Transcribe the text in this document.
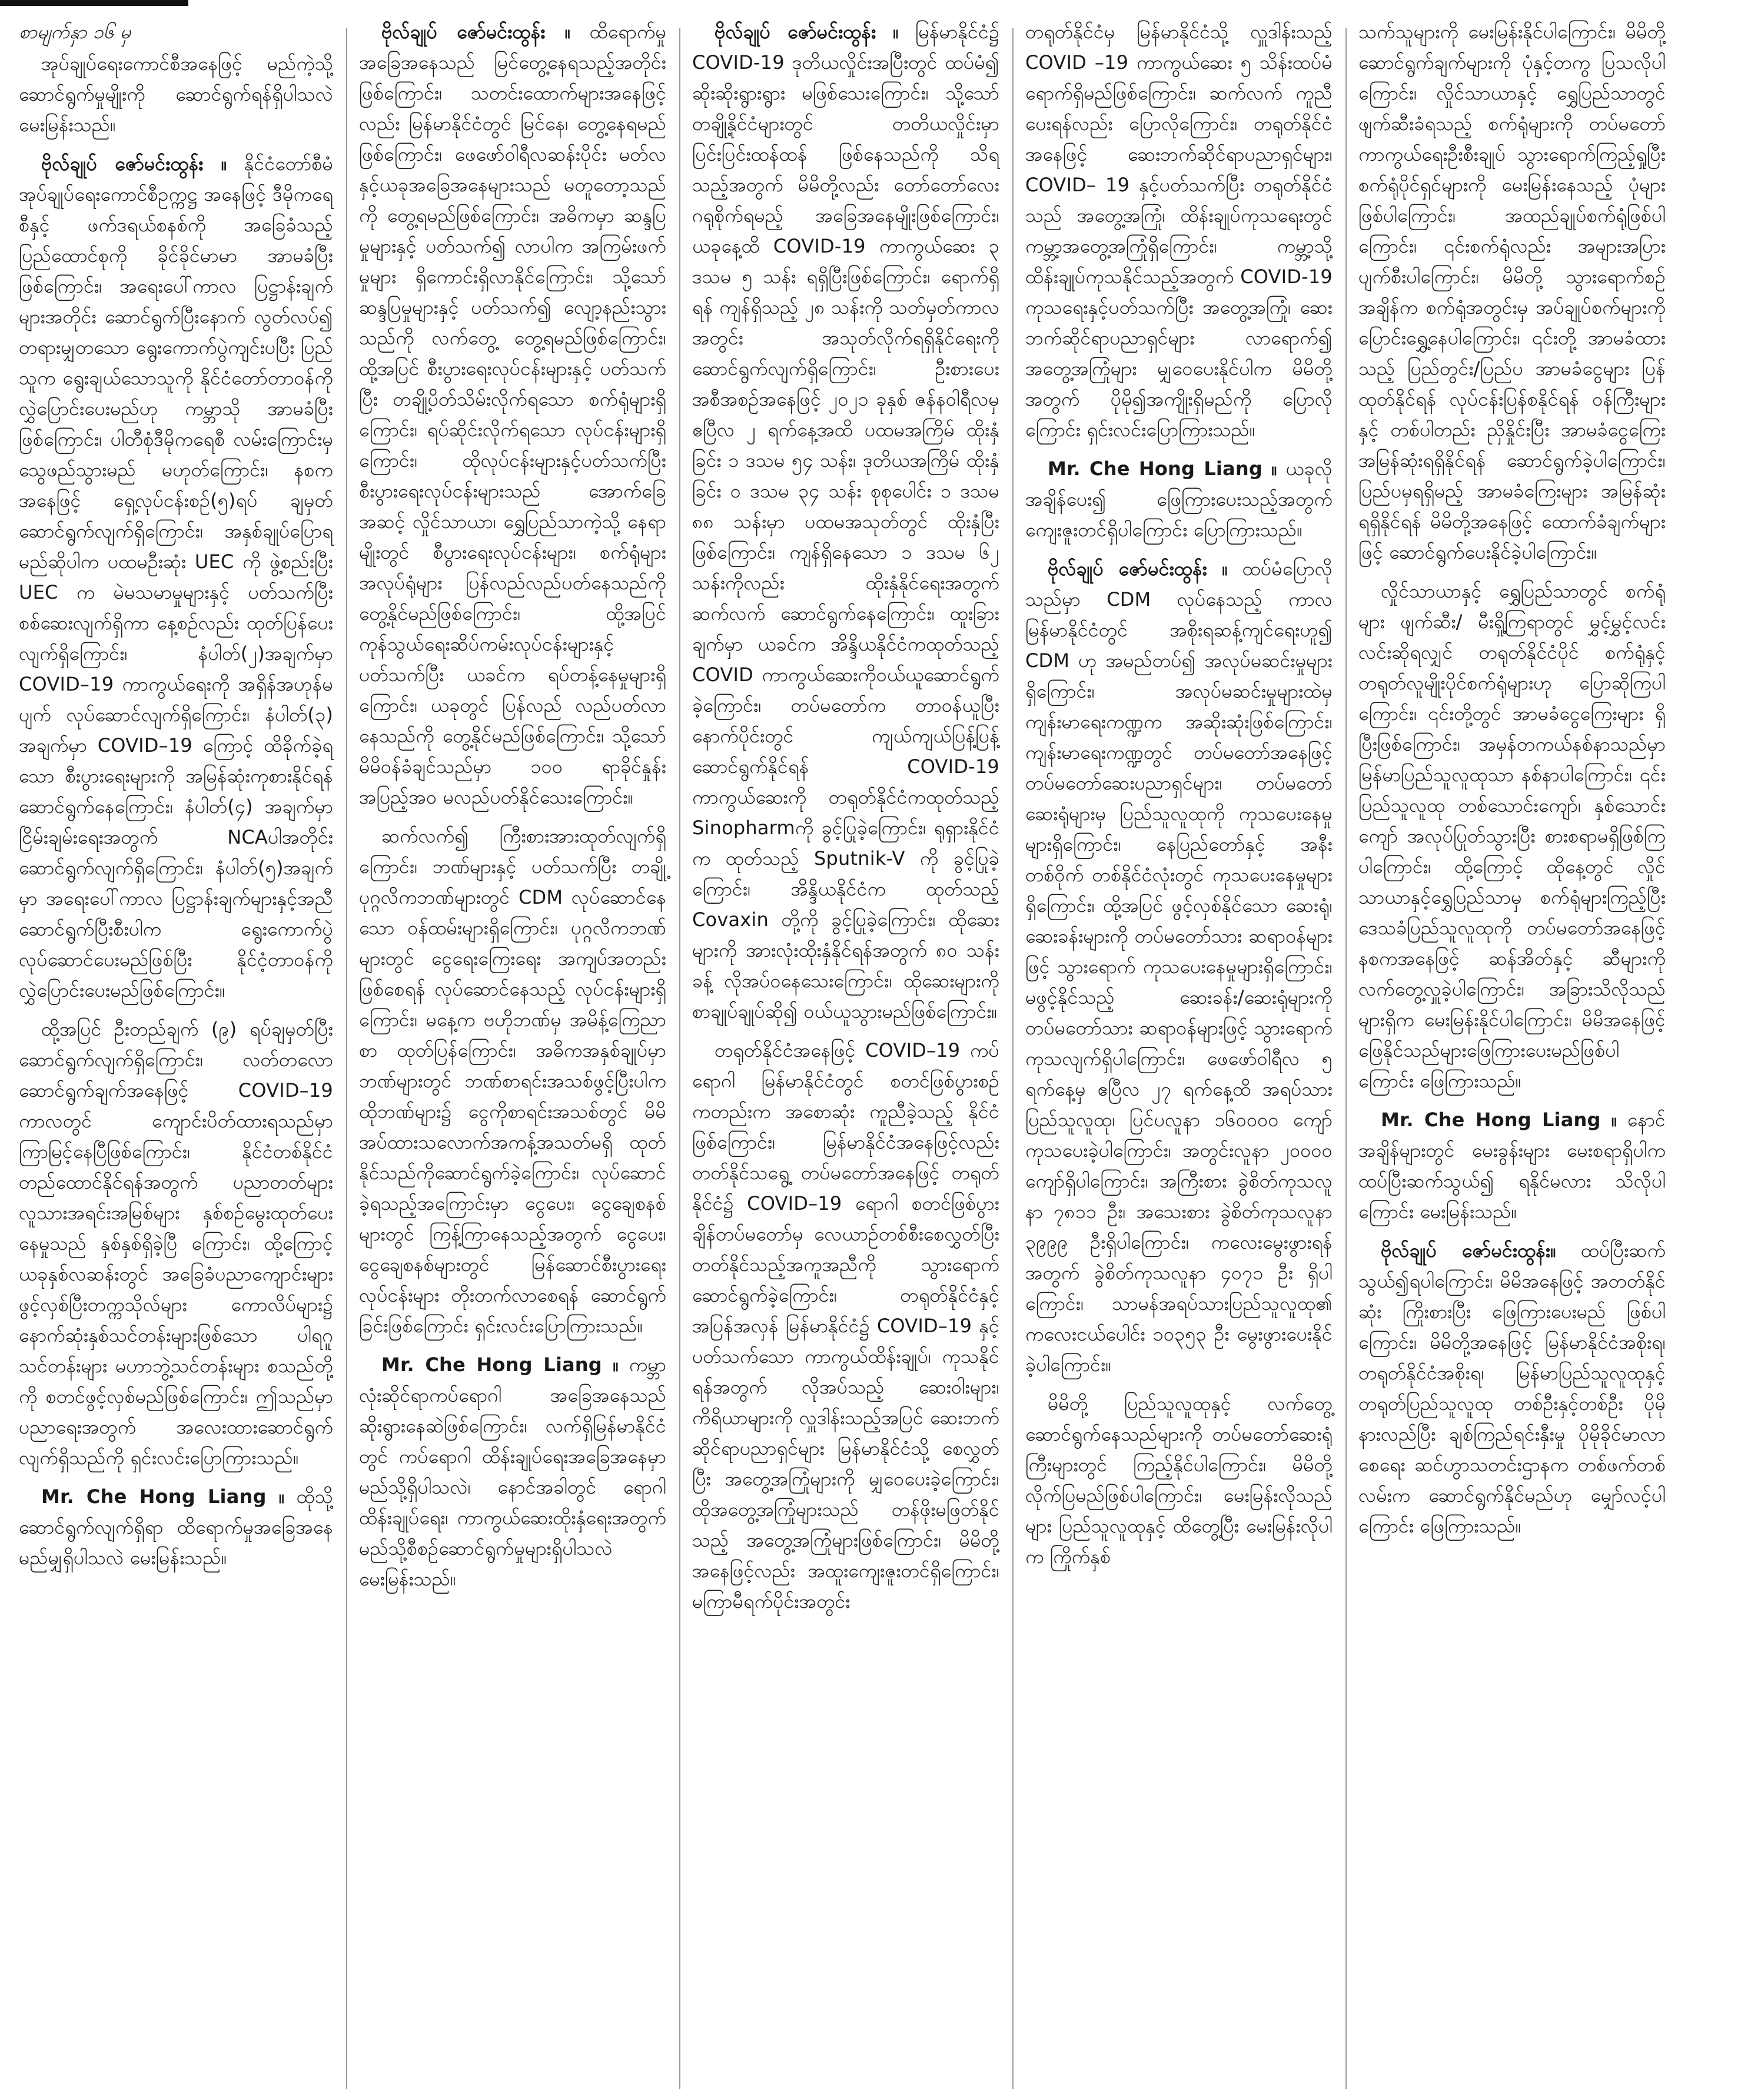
စာမျက်နှာ ၁၆ မှ

အုပ်ချုပ်ရေးကောင်စီအနေဖြင့် မည်ကဲ့သို့ ဆောင်ရွက်မှုမျိုးကို ဆောင်ရွက်ရန်ရှိပါသလဲ မေးမြန်းသည်။

ဗိုလ်ချုပ် ဇော်မင်းထွန်း ။ နိုင်ငံတော်စီမံအုပ်ချုပ်ရေးကောင်စီဥက္ကဋ္ဌ အနေဖြင့် ဒီမိုကရေစီနှင့် ဖက်ဒရယ်စနစ်ကို အခြေခံသည့် ပြည်ထောင်စုကို ခိုင်ခိုင်မာမာ အာမခံပြီးဖြစ်ကြောင်း၊ အရေးပေါ်ကာလ ပြဋ္ဌာန်းချက်များအတိုင်း ဆောင်ရွက်ပြီးနောက် လွတ်လပ်၍ တရားမျှတသော ရွေးကောက်ပွဲကျင်းပပြီး ပြည်သူက ရွေးချယ်သောသူကို နိုင်ငံတော်တာဝန်ကို လွှဲပြောင်းပေးမည်ဟု ကမ္ဘာသို အာမခံပြီးဖြစ်ကြောင်း၊ ပါတီစုံဒီမိုကရေစီ လမ်းကြောင်းမှ သွေဖည်သွားမည် မဟုတ်ကြောင်း၊ နစကအနေဖြင့် ရှေ့လုပ်ငန်းစဉ်(၅)ရပ် ချမှတ် ဆောင်ရွက်လျက်ရှိကြောင်း၊ အနှစ်ချုပ်ပြောရမည်ဆိုပါက ပထမဦးဆုံး UEC ကို ဖွဲ့စည်းပြီး UEC က မဲမသမာမှုများနှင့် ပတ်သက်ပြီး စစ်ဆေးလျက်ရှိကာ နေ့စဉ်လည်း ထုတ်ပြန်ပေးလျက်ရှိကြောင်း၊ နံပါတ်(၂)အချက်မှာ COVID–19 ကာကွယ်ရေးကို အရှိန်အဟုန်မပျက် လုပ်ဆောင်လျက်ရှိကြောင်း၊ နံပါတ်(၃) အချက်မှာ COVID–19 ကြောင့် ထိခိုက်ခဲ့ရသော စီးပွားရေးများကို အမြန်ဆုံးကုစားနိုင်ရန် ဆောင်ရွက်နေကြောင်း၊ နံပါတ်(၄) အချက်မှာ ငြိမ်းချမ်းရေးအတွက် NCAပါအတိုင်း ဆောင်ရွက်လျက်ရှိကြောင်း၊ နံပါတ်(၅)အချက်မှာ အရေးပေါ်ကာလ ပြဋ္ဌာန်းချက်များနှင့်အညီ ဆောင်ရွက်ပြီးစီးပါက ရွေးကောက်ပွဲ လုပ်ဆောင်ပေးမည်ဖြစ်ပြီး နိုင်ငံ့တာဝန်ကို လွှဲပြောင်းပေးမည်ဖြစ်ကြောင်း။

ထို့အပြင် ဦးတည်ချက် (၉) ရပ်ချမှတ်ပြီး ဆောင်ရွက်လျက်ရှိကြောင်း၊ လတ်တလော ဆောင်ရွက်ချက်အနေဖြင့် COVID–19 ကာလတွင် ကျောင်းပိတ်ထားရသည်မှာ ကြာမြင့်နေပြီဖြစ်ကြောင်း၊ နိုင်ငံတစ်နိုင်ငံ တည်ထောင်နိုင်ရန်အတွက် ပညာတတ်များ လူသားအရင်းအမြစ်များ နှစ်စဉ်မွေးထုတ်ပေးနေမှုသည် နှစ်နှစ်ရှိခဲ့ပြီ ကြောင်း၊ ထို့ကြောင့် ယခုနှစ်လဆန်းတွင် အခြေခံပညာကျောင်းများ ဖွင့်လှစ်ပြီးတက္ကသိုလ်များ ကောလိပ်များ၌ နောက်ဆုံးနှစ်သင်တန်းများဖြစ်သော ပါရဂူသင်တန်းများ မဟာဘွဲ့သင်တန်းများ စသည်တို့ကို စတင်ဖွင့်လှစ်မည်ဖြစ်ကြောင်း၊ ဤသည်မှာ ပညာရေးအတွက် အလေးထားဆောင်ရွက်လျက်ရှိသည်ကို ရှင်းလင်းပြောကြားသည်။

Mr. Che Hong Liang ။ ထိုသို့ ဆောင်ရွက်လျက်ရှိရာ ထိရောက်မှုအခြေအနေမည်မျှရှိပါသလဲ မေးမြန်းသည်။

ဗိုလ်ချုပ် ဇော်မင်းထွန်း ။ ထိရောက်မှုအခြေအနေသည် မြင်တွေ့နေရသည့်အတိုင်းဖြစ်ကြောင်း၊ သတင်းထောက်များအနေဖြင့်လည်း မြန်မာနိုင်ငံတွင် မြင်နေ၊ တွေ့နေရမည်ဖြစ်ကြောင်း၊ ဖေဖော်ဝါရီလဆန်းပိုင်း မတ်လနှင့်ယခုအခြေအနေများသည် မတူတော့သည်ကို တွေ့ရမည်ဖြစ်ကြောင်း၊ အဓိကမှာ ဆန္ဒပြမှုများနှင့် ပတ်သက်၍ လာပါက အကြမ်းဖက်မှုများ ရှိကောင်းရှိလာနိုင်ကြောင်း၊ သို့သော် ဆန္ဒပြမှုများနှင့် ပတ်သက်၍ လျော့နည်းသွားသည်ကို လက်တွေ့ တွေ့ရမည်ဖြစ်ကြောင်း၊ ထို့အပြင် စီးပွားရေးလုပ်ငန်းများနှင့် ပတ်သက်ပြီး တချို့ပိတ်သိမ်းလိုက်ရသော စက်ရုံများရှိကြောင်း၊ ရပ်ဆိုင်းလိုက်ရသော လုပ်ငန်းများရှိကြောင်း၊ ထိုလုပ်ငန်းများနှင့်ပတ်သက်ပြီး စီးပွားရေးလုပ်ငန်းများသည် အောက်ခြေအဆင့် လှိုင်သာယာ၊ ရွှေပြည်သာကဲ့သို့ နေရာမျိုးတွင် စီပွားရေးလုပ်ငန်းများ၊ စက်ရုံများ အလုပ်ရုံများ ပြန်လည်လည်ပတ်နေသည်ကို တွေ့နိုင်မည်ဖြစ်ကြောင်း၊ ထို့အပြင် ကုန်သွယ်ရေးဆိပ်ကမ်းလုပ်ငန်းများနှင့် ပတ်သက်ပြီး ယခင်က ရပ်တန့်နေမှုများရှိကြောင်း၊ ယခုတွင် ပြန်လည် လည်ပတ်လာနေသည်ကို တွေ့နိုင်မည်ဖြစ်ကြောင်း၊ သို့သော် မိမိဝန်ခံချင်သည်မှာ ၁၀၀ ရာခိုင်နှုန်း အပြည့်အဝ မလည်ပတ်နိုင်သေးကြောင်း။

ဆက်လက်၍ ကြီးစားအားထုတ်လျက်ရှိကြောင်း၊ ဘဏ်များနှင့် ပတ်သက်ပြီး တချို့ပုဂ္ဂလိကဘဏ်များတွင် CDM လုပ်ဆောင်နေသော ဝန်ထမ်းများရှိကြောင်း၊ ပုဂ္ဂလိကဘဏ်များတွင် ငွေရေးကြေးရေး အကျပ်အတည်းဖြစ်စေရန် လုပ်ဆောင်နေသည့် လုပ်ငန်းများရှိကြောင်း၊ မနေ့က ဗဟိုဘဏ်မှ အမိန့်ကြေညာစာ ထုတ်ပြန်ကြောင်း၊ အဓိကအနှစ်ချုပ်မှာ ဘဏ်များတွင် ဘဏ်စာရင်းအသစ်ဖွင့်ပြီးပါက ထိုဘဏ်များ၌ ငွေကိုစာရင်းအသစ်တွင် မိမိအပ်ထားသလောက်အကန့်အသတ်မရှိ ထုတ်နိုင်သည်ကိုဆောင်ရွက်ခဲ့ကြောင်း၊ လုပ်ဆောင်ခဲ့ရသည့်အကြောင်းမှာ ငွေပေး၊ ငွေချေစနစ်များတွင် ကြန့်ကြာနေသည့်အတွက် ငွေပေး၊ ငွေချေစနစ်များတွင် မြန်ဆောင်စီးပွားရေးလုပ်ငန်းများ တိုးတက်လာစေရန် ဆောင်ရွက်ခြင်းဖြစ်ကြောင်း ရှင်းလင်းပြောကြားသည်။

Mr. Che Hong Liang ။ ကမ္ဘာလုံးဆိုင်ရာကပ်ရောဂါ အခြေအနေသည် ဆိုးရွားနေဆဲဖြစ်ကြောင်း၊ လက်ရှိမြန်မာနိုင်ငံတွင် ကပ်ရောဂါ ထိန်းချုပ်ရေးအခြေအနေမှာ မည်သို့ရှိပါသလဲ၊ နောင်အခါတွင် ရောဂါထိန်းချုပ်ရေး၊ ကာကွယ်ဆေးထိုးနှံရေးအတွက် မည်သို့စီစဉ်ဆောင်ရွက်မှုများရှိပါသလဲ မေးမြန်းသည်။

ဗိုလ်ချုပ် ဇော်မင်းထွန်း ။ မြန်မာနိုင်ငံ၌ COVID-19 ဒုတိယလှိုင်းအပြီးတွင် ထပ်မံ၍ ဆိုးဆိုးရွားရွား မဖြစ်သေးကြောင်း၊ သို့သော် တချို့နိုင်ငံများတွင် တတိယလှိုင်းမှာ ပြင်းပြင်းထန်ထန် ဖြစ်နေသည်ကို သိရသည့်အတွက် မိမိတို့လည်း တော်တော်လေး ဂရုစိုက်ရမည့် အခြေအနေမျိုးဖြစ်ကြောင်း၊ ယခုနေ့ထိ COVID-19 ကာကွယ်ဆေး ၃ ဒသမ ၅ သန်း ရရှိပြီးဖြစ်ကြောင်း၊ ရောက်ရှိရန် ကျန်ရှိသည့် ၂၈ သန်းကို သတ်မှတ်ကာလအတွင်း အသုတ်လိုက်ရရှိနိုင်ရေးကို ဆောင်ရွက်လျက်ရှိကြောင်း၊ ဦးစားပေး အစီအစဉ်အနေဖြင့် ၂၀၂၁ ခုနှစ် ဇန်နဝါရီလမှ ဧပြီလ ၂ ရက်နေ့အထိ ပထမအကြိမ် ထိုးနှံခြင်း ၁ ဒသမ ၅၄ သန်း၊ ဒုတိယအကြိမ် ထိုးနှံခြင်း ၀ ဒသမ ၃၄ သန်း စုစုပေါင်း ၁ ဒသမ ၈၈ သန်းမှာ ပထမအသုတ်တွင် ထိုးနှံပြီးဖြစ်ကြောင်း၊ ကျန်ရှိနေသော ၁ ဒသမ ၆၂ သန်းကိုလည်း ထိုးနှံနိုင်ရေးအတွက် ဆက်လက် ဆောင်ရွက်နေကြောင်း၊ ထူးခြားချက်မှာ ယခင်က အိန္ဒိယနိုင်ငံကထုတ်သည့် COVID ကာကွယ်ဆေးကိုဝယ်ယူဆောင်ရွက်ခဲ့ကြောင်း၊ တပ်မတော်က တာဝန်ယူပြီး နောက်ပိုင်းတွင် ကျယ်ကျယ်ပြန့်ပြန့် ဆောင်ရွက်နိုင်ရန် COVID-19 ကာကွယ်ဆေးကို တရုတ်နိုင်ငံကထုတ်သည့် Sinopharmကို ခွင့်ပြုခဲ့ကြောင်း၊ ရုရှားနိုင်ငံက ထုတ်သည့် Sputnik-V ကို ခွင့်ပြုခဲ့ကြောင်း၊ အိန္ဒိယနိုင်ငံက ထုတ်သည့် Covaxin တို့ကို ခွင့်ပြုခဲ့ကြောင်း၊ ထိုဆေးများကို အားလုံးထိုးနှံနိုင်ရန်အတွက် ၈၀ သန်းခန့် လိုအပ်ဝနေသေးကြောင်း၊ ထိုဆေးများကို စာချုပ်ချုပ်ဆို၍ ဝယ်ယူသွားမည်ဖြစ်ကြောင်း။

တရုတ်နိုင်ငံအနေဖြင့် COVID–19 ကပ်ရောဂါ မြန်မာနိုင်ငံတွင် စတင်ဖြစ်ပွားစဉ်ကတည်းက အစောဆုံး ကူညီခဲ့သည့် နိုင်ငံဖြစ်ကြောင်း၊ မြန်မာနိုင်ငံအနေဖြင့်လည်း တတ်နိုင်သရွေ့ တပ်မတော်အနေဖြင့် တရုတ်နိုင်ငံ၌ COVID–19 ရောဂါ စတင်ဖြစ်ပွားချိန်တပ်မတော်မှ လေယာဉ်တစ်စီးစေလွှတ်ပြီး တတ်နိုင်သည့်အကူအညီကို သွားရောက်ဆောင်ရွက်ခဲ့ကြောင်း၊ တရုတ်နိုင်ငံနှင့် အပြန်အလှန် မြန်မာနိုင်ငံ၌ COVID–19 နှင့်ပတ်သက်သော ကာကွယ်ထိန်းချုပ်၊ ကုသနိုင်ရန်အတွက် လိုအပ်သည့် ဆေးဝါးများ၊ ကိရိယာများကို လှူဒါန်းသည့်အပြင် ဆေးဘက်ဆိုင်ရာပညာရှင်များ မြန်မာနိုင်ငံသို့ စေလွှတ်ပြီး အတွေ့အကြုံများကို မျှဝေပေးခဲ့ကြောင်း၊ ထိုအတွေ့အကြုံများသည် တန်ဖိုးမဖြတ်နိုင်သည့် အတွေ့အကြုံများဖြစ်ကြောင်း၊ မိမိတို့အနေဖြင့်လည်း အထူးကျေးဇူးတင်ရှိကြောင်း၊ မကြာမီရက်ပိုင်းအတွင်း

တရုတ်နိုင်ငံမှ မြန်မာနိုင်ငံသို့ လှူဒါန်းသည့် COVID –19 ကာကွယ်ဆေး ၅ သိန်းထပ်မံရောက်ရှိမည်ဖြစ်ကြောင်း၊ ဆက်လက် ကူညီပေးရန်လည်း ပြောလိုကြောင်း၊ တရုတ်နိုင်ငံအနေဖြင့် ဆေးဘက်ဆိုင်ရာပညာရှင်များ၊ COVID– 19 နှင့်ပတ်သက်ပြီး တရုတ်နိုင်ငံသည် အတွေ့အကြုံ၊ ထိန်းချုပ်ကုသရေးတွင် ကမ္ဘာ့အတွေ့အကြုံရှိကြောင်း၊ ကမ္ဘာ့သို့ ထိန်းချုပ်ကုသနိုင်သည့်အတွက် COVID-19 ကုသရေးနှင့်ပတ်သက်ပြီး အတွေ့အကြုံ၊ ဆေးဘက်ဆိုင်ရာပညာရှင်များ လာရောက်၍ အတွေ့အကြုံများ မျှဝေပေးနိုင်ပါက မိမိတို့အတွက် ပိုမို၍အကျိုးရှိမည်ကို ပြောလိုကြောင်း ရှင်းလင်းပြောကြားသည်။

Mr. Che Hong Liang ။ ယခုလို အချိန်ပေး၍ ဖြေကြားပေးသည့်အတွက် ကျေးဇူးတင်ရှိပါကြောင်း ပြောကြားသည်။

ဗိုလ်ချုပ် ဇော်မင်းထွန်း ။ ထပ်မံပြောလိုသည်မှာ CDM လုပ်နေသည့် ကာလ မြန်မာနိုင်ငံတွင် အစိုးရဆန့်ကျင်ရေးဟူ၍ CDM ဟု အမည်တပ်၍ အလုပ်မဆင်းမှုများရှိကြောင်း၊ အလုပ်မဆင်းမှုများထဲမှ ကျန်းမာရေးကဏ္ဍက အဆိုးဆုံးဖြစ်ကြောင်း၊ ကျန်းမာရေးကဏ္ဍတွင် တပ်မတော်အနေဖြင့် တပ်မတော်ဆေးပညာရှင်များ၊ တပ်မတော်ဆေးရုံများမှ ပြည်သူလူထုကို ကုသပေးနေမှုများရှိကြောင်း၊ နေပြည်တော်နှင့် အနီးတစ်ဝိုက် တစ်နိုင်ငံလုံးတွင် ကုသပေးနေမှုများရှိကြောင်း၊ ထို့အပြင် ဖွင့်လှစ်နိုင်သော ဆေးရုံ၊ ဆေးခန်းများကို တပ်မတော်သား ဆရာဝန်များဖြင့် သွားရောက် ကုသပေးနေမှုများရှိကြောင်း၊ မဖွင့်နိုင်သည့် ဆေးခန်း/ဆေးရုံများကို တပ်မတော်သား ဆရာဝန်များဖြင့် သွားရောက်ကုသလျက်ရှိပါကြောင်း၊ ဖေဖော်ဝါရီလ ၅ ရက်နေ့မှ ဧပြီလ ၂၇ ရက်နေ့ထိ အရပ်သား ပြည်သူလူထု၊ ပြင်ပလူနာ ၁၆၀၀၀၀ ကျော် ကုသပေးခဲ့ပါကြောင်း၊ အတွင်းလူနာ ၂၀၀၀၀ ကျော်ရှိပါကြောင်း၊ အကြီးစား ခွဲစိတ်ကုသလူနာ ၇၈၁၁ ဦး၊ အသေးစား ခွဲစိတ်ကုသလူနာ ၃၉၉၉ ဦးရှိပါကြောင်း၊ ကလေးမွေးဖွားရန်အတွက် ခွဲစိတ်ကုသလူနာ ၄၀၇၁ ဦး ရှိပါကြောင်း၊ သာမန်အရပ်သားပြည်သူလူထု၏ ကလေးငယ်ပေါင်း ၁၀၃၅၃ ဦး မွေးဖွားပေးနိုင်ခဲ့ပါကြောင်း။

မိမိတို့ ပြည်သူလူထုနှင့် လက်တွေ့ဆောင်ရွက်နေသည်များကို တပ်မတော်ဆေးရုံကြီးများတွင် ကြည့်နိုင်ပါကြောင်း၊ မိမိတို့ လိုက်ပြမည်ဖြစ်ပါကြောင်း၊ မေးမြန်းလိုသည်များ ပြည်သူလူထုနှင့် ထိတွေ့ပြီး မေးမြန်းလိုပါက ကြိုက်နှစ်

သက်သူများကို မေးမြန်းနိုင်ပါကြောင်း၊ မိမိတို့ဆောင်ရွက်ချက်များကို ပုံနှင့်တကွ ပြသလိုပါကြောင်း၊ လှိုင်သာယာနှင့် ရွှေပြည်သာတွင် ဖျက်ဆီးခံရသည့် စက်ရုံများကို တပ်မတော်ကာကွယ်ရေးဦးစီးချုပ် သွားရောက်ကြည့်ရှုပြီး စက်ရုံပိုင်ရှင်များကို မေးမြန်းနေသည့် ပုံများဖြစ်ပါကြောင်း၊ အထည်ချုပ်စက်ရုံဖြစ်ပါကြောင်း၊ ၎င်းစက်ရုံလည်း အများအပြားပျက်စီးပါကြောင်း၊ မိမိတို့ သွားရောက်စဉ်အချိန်က စက်ရုံအတွင်းမှ အပ်ချုပ်စက်များကို ပြောင်းရွှေ့နေပါကြောင်း၊ ၎င်းတို့ အာမခံထားသည့် ပြည်တွင်း/ပြည်ပ အာမခံငွေများ ပြန်ထုတ်နိုင်ရန် လုပ်ငန်းပြန်စနိုင်ရန် ဝန်ကြီးများနှင့် တစ်ပါတည်း ညှိနှိုင်းပြီး အာမခံငွေကြေး အမြန်ဆုံးရရှိနိုင်ရန် ဆောင်ရွက်ခဲ့ပါကြောင်း၊ ပြည်ပမှရရှိမည့် အာမခံကြေးများ အမြန်ဆုံးရရှိနိုင်ရန် မိမိတို့အနေဖြင့် ထောက်ခံချက်များဖြင့် ဆောင်ရွက်ပေးနိုင်ခဲ့ပါကြောင်း။

လှိုင်သာယာနှင့် ရွှေပြည်သာတွင် စက်ရုံများ ဖျက်ဆီး/ မီးရှို့ကြရာတွင် မွှင့်မွှင့်လင်းလင်းဆိုရလျှင် တရုတ်နိုင်ငံပိုင် စက်ရုံနှင့် တရုတ်လူမျိုးပိုင်စက်ရုံများဟု ပြောဆိုကြပါကြောင်း၊ ၎င်းတို့တွင် အာမခံငွေကြေးများ ရှိပြီးဖြစ်ကြောင်း၊ အမှန်တကယ်နစ်နာသည်မှာ မြန်မာပြည်သူလူထုသာ နစ်နာပါကြောင်း၊ ၎င်းပြည်သူလူထု တစ်သောင်းကျော်၊ နှစ်သောင်းကျော် အလုပ်ပြုတ်သွားပြီး စားစရာမရှိဖြစ်ကြပါကြောင်း၊ ထို့ကြောင့် ထိုနေ့တွင် လှိုင်သာယာနှင့်ရွှေပြည်သာမှ စက်ရုံများကြည့်ပြီး ဒေသခံပြည်သူလူထုကို တပ်မတော်အနေဖြင့် နစကအနေဖြင့် ဆန်အိတ်နှင့် ဆီများကို လက်တွေ့လှူခဲ့ပါကြောင်း၊ အခြားသိလိုသည်များရှိက မေးမြန်းနိုင်ပါကြောင်း၊ မိမိအနေဖြင့် ဖြေနိုင်သည်များဖြေကြားပေးမည်ဖြစ်ပါကြောင်း ဖြေကြားသည်။

Mr. Che Hong Liang ။ နောင်အချိန်များတွင် မေးခွန်းများ မေးစရာရှိပါက ထပ်ပြီးဆက်သွယ်၍ ရနိုင်မလား သိလိုပါကြောင်း မေးမြန်းသည်။

ဗိုလ်ချုပ် ဇော်မင်းထွန်း။ ထပ်ပြီးဆက်သွယ်၍ရပါကြောင်း၊ မိမိအနေဖြင့် အတတ်နိုင်ဆုံး ကြိုးစားပြီး ဖြေကြားပေးမည် ဖြစ်ပါကြောင်း၊ မိမိတို့အနေဖြင့် မြန်မာနိုင်ငံအစိုးရ၊ တရုတ်နိုင်ငံအစိုးရ၊ မြန်မာပြည်သူလူထုနှင့် တရုတ်ပြည်သူလူထု တစ်ဦးနှင့်တစ်ဦး ပိုမိုနားလည်ပြီး ချစ်ကြည်ရင်းနှီးမှု ပိုမိုခိုင်မာလာစေရေး ဆင်ဟွာသတင်းဌာနက တစ်ဖက်တစ်လမ်းက ဆောင်ရွက်နိုင်မည်ဟု မျှော်လင့်ပါကြောင်း ဖြေကြားသည်။
